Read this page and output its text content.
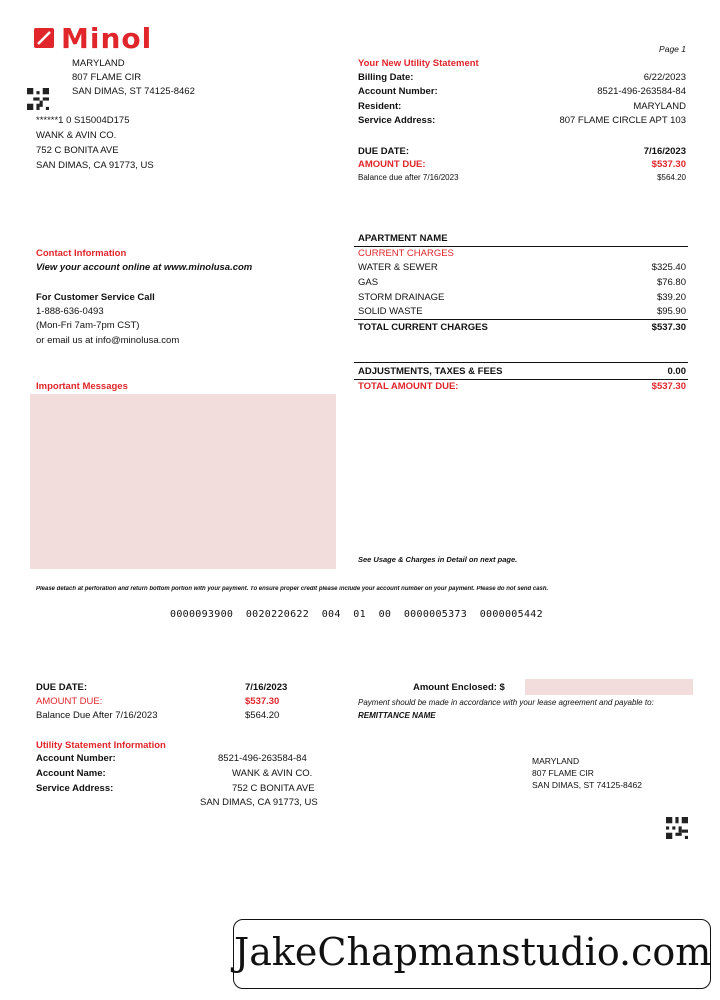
Minol	Page 1
MARYLAND
807 FLAME CIR
SAN DIMAS, ST 74125-8462
******1 0 S15004D175
WANK & AVIN CO.
752 C BONITA AVE
SAN DIMAS, CA 91773, US
Your New Utility Statement
Billing Date:	6/22/2023
Account Number:	8521-496-263584-84
Resident:	MARYLAND
Service Address:	807 FLAME CIRCLE APT 103
DUE DATE:	7/16/2023
AMOUNT DUE:	$537.30
Balance due after 7/16/2023	$564.20
Contact Information
View your account online at www.minolusa.com
For Customer Service Call
1-888-636-0493
(Mon-Fri 7am-7pm CST)
or email us at info@minolusa.com
Important Messages
APARTMENT NAME
CURRENT CHARGES
WATER & SEWER	$325.40
GAS	$76.80
STORM DRAINAGE	$39.20
SOLID WASTE	$95.90
TOTAL CURRENT CHARGES	$537.30
ADJUSTMENTS, TAXES & FEES	0.00
TOTAL AMOUNT DUE:	$537.30
See Usage & Charges in Detail on next page.
Please detach at perforation and return bottom portion with your payment. To ensure proper credit please include your account number on your payment. Please do not send cash.
0000093900  0020220622  004  01  00  0000005373  0000005442
DUE DATE:	7/16/2023
AMOUNT DUE:	$537.30
Balance Due After 7/16/2023	$564.20
Amount Enclosed: $
Payment should be made in accordance with your lease agreement and payable to: REMITTANCE NAME
Utility Statement Information
Account Number:	8521-496-263584-84
Account Name:	WANK & AVIN CO.
Service Address:	752 C BONITA AVE
SAN DIMAS, CA 91773, US
MARYLAND
807 FLAME CIR
SAN DIMAS, ST 74125-8462
JakeChapmanstudio.com
